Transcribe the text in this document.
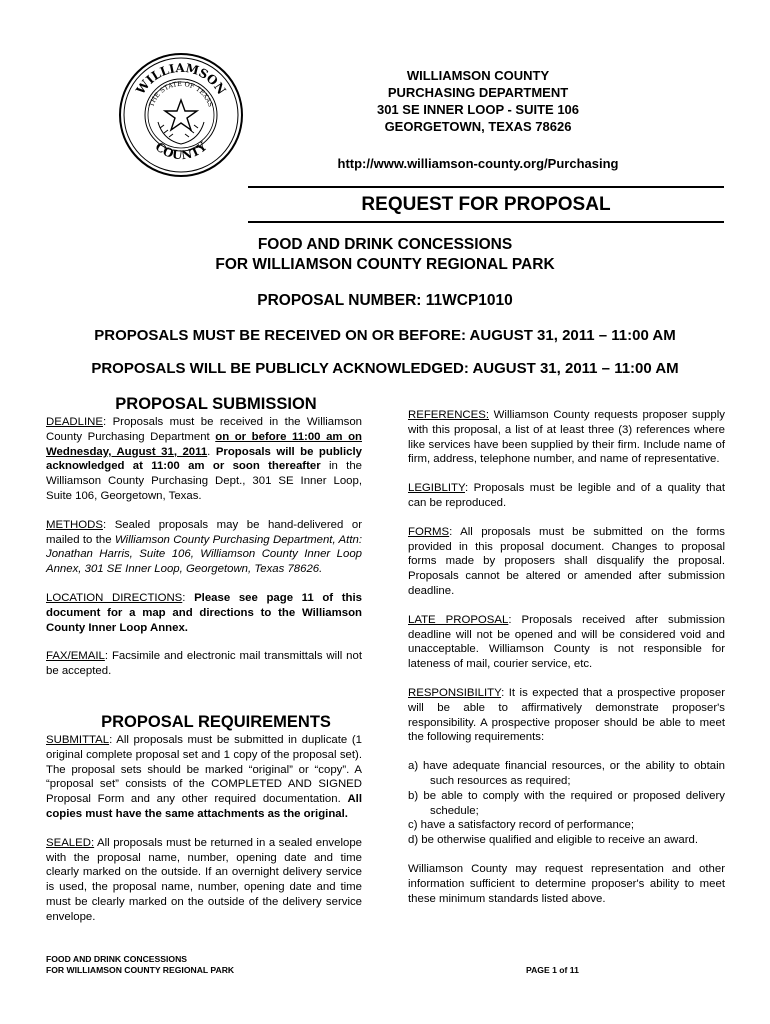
WILLIAMSON
COUNTY
THE STATE OF TEXAS
WILLIAMSON COUNTY
PURCHASING DEPARTMENT
301 SE INNER LOOP - SUITE 106
GEORGETOWN, TEXAS 78626
http://www.williamson-county.org/Purchasing
REQUEST FOR PROPOSAL
FOOD AND DRINK CONCESSIONS
FOR WILLIAMSON COUNTY REGIONAL PARK
PROPOSAL NUMBER: 11WCP1010
PROPOSALS MUST BE RECEIVED ON OR BEFORE: AUGUST 31, 2011 – 11:00 AM
PROPOSALS WILL BE PUBLICLY ACKNOWLEDGED: AUGUST 31, 2011 – 11:00 AM
PROPOSAL SUBMISSION

DEADLINE: Proposals must be received in the Williamson County Purchasing Department on or before 11:00 am on Wednesday, August 31, 2011. Proposals will be publicly acknowledged at 11:00 am or soon thereafter in the Williamson County Purchasing Dept., 301 SE Inner Loop, Suite 106, Georgetown, Texas.

METHODS: Sealed proposals may be hand-delivered or mailed to the Williamson County Purchasing Department, Attn: Jonathan Harris, Suite 106, Williamson County Inner Loop Annex, 301 SE Inner Loop, Georgetown, Texas 78626.

LOCATION DIRECTIONS: Please see page 11 of this document for a map and directions to the Williamson County Inner Loop Annex.

FAX/EMAIL: Facsimile and electronic mail transmittals will not be accepted.

PROPOSAL REQUIREMENTS

SUBMITTAL: All proposals must be submitted in duplicate (1 original complete proposal set and 1 copy of the proposal set). The proposal sets should be marked “original” or “copy”. A “proposal set” consists of the COMPLETED AND SIGNED Proposal Form and any other required documentation. All copies must have the same attachments as the original.

SEALED: All proposals must be returned in a sealed envelope with the proposal name, number, opening date and time clearly marked on the outside. If an overnight delivery service is used, the proposal name, number, opening date and time must be clearly marked on the outside of the delivery service envelope.

REFERENCES: Williamson County requests proposer supply with this proposal, a list of at least three (3) references where like services have been supplied by their firm. Include name of firm, address, telephone number, and name of representative.

LEGIBLITY: Proposals must be legible and of a quality that can be reproduced.

FORMS: All proposals must be submitted on the forms provided in this proposal document. Changes to proposal forms made by proposers shall disqualify the proposal. Proposals cannot be altered or amended after submission deadline.

LATE PROPOSAL: Proposals received after submission deadline will not be opened and will be considered void and unacceptable. Williamson County is not responsible for lateness of mail, courier service, etc.

RESPONSIBILITY: It is expected that a prospective proposer will be able to affirmatively demonstrate proposer's responsibility. A prospective proposer should be able to meet the following requirements:

a) have adequate financial resources, or the ability to obtain such resources as required;
b) be able to comply with the required or proposed delivery schedule;
c) have a satisfactory record of performance;
d) be otherwise qualified and eligible to receive an award.

Williamson County may request representation and other information sufficient to determine proposer's ability to meet these minimum standards listed above.

FOOD AND DRINK CONCESSIONS
FOR WILLIAMSON COUNTY REGIONAL PARK	PAGE 1 of 11
